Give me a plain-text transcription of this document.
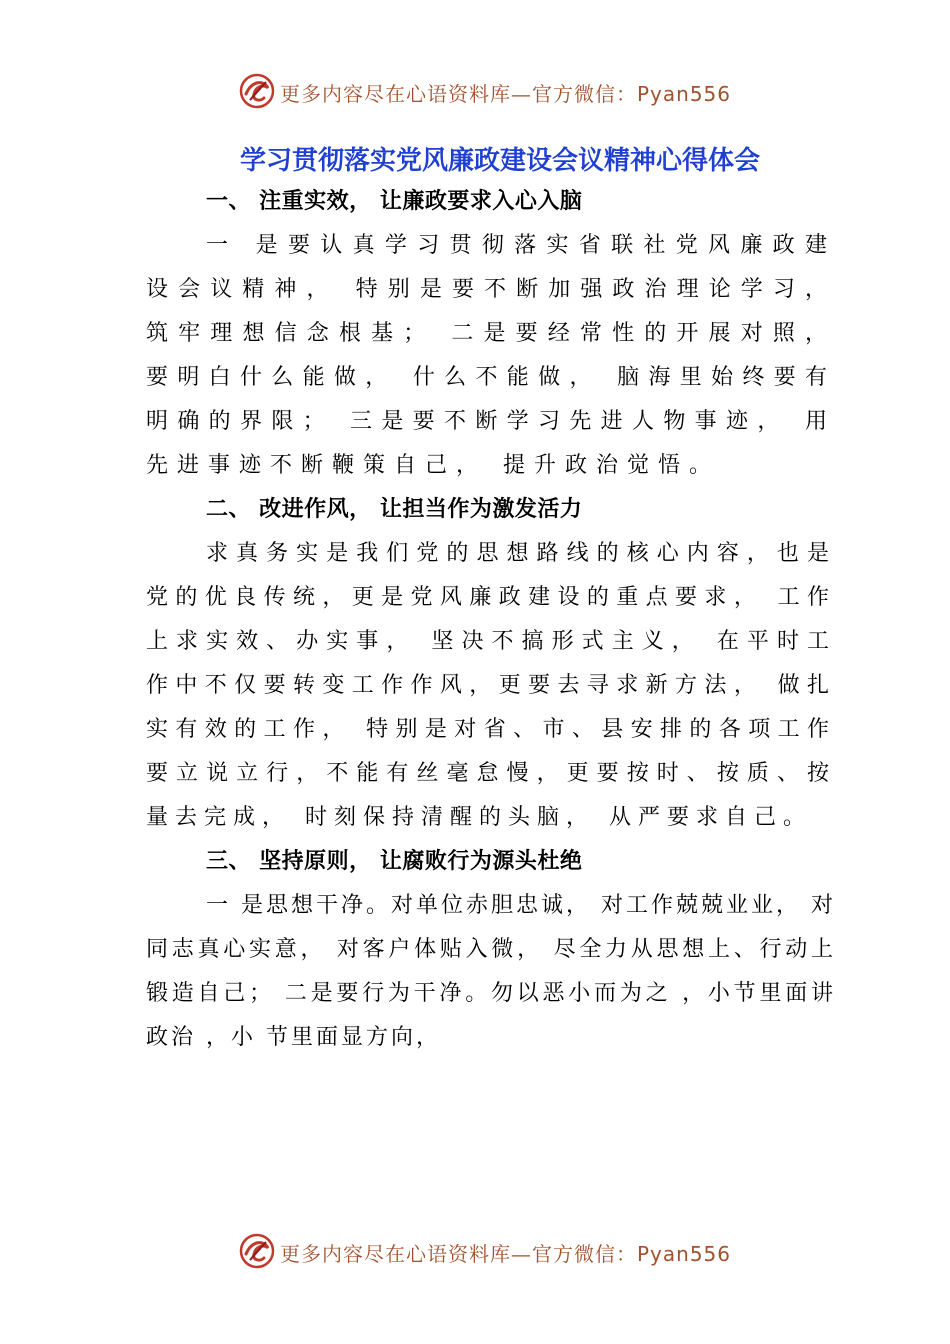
更多内容尽在心语资料库—官方微信：Pyan556
学习贯彻落实党风廉政建设会议精神心得体会
一、 注重实效， 让廉政要求入心入脑
一 是要认真学习贯彻落实省联社党风廉政建设会议精神， 特别是要不断加强政治理论学习， 筑牢理想信念根基； 二是要经常性的开展对照， 要明白什么能做， 什么不能做， 脑海里始终要有明确的界限； 三是要不断学习先进人物事迹， 用先进事迹不断鞭策自己， 提升政治觉悟。
二、 改进作风， 让担当作为激发活力
求真务实是我们党的思想路线的核心内容，也是党的优良传统，更是党风廉政建设的重点要求， 工作上求实效、办实事， 坚决不搞形式主义， 在平时工作中不仅要转变工作作风，更要去寻求新方法， 做扎实有效的工作， 特别是对省、市、县安排的各项工作要立说立行，不能有丝毫怠慢，更要按时、按质、按量去完成， 时刻保持清醒的头脑， 从严要求自己。
三、 坚持原则， 让腐败行为源头杜绝
一 是思想干净。对单位赤胆忠诚， 对工作兢兢业业， 对同志真心实意， 对客户体贴入微， 尽全力从思想上、行动上锻造自己； 二是要行为干净。勿以恶小而为之 ，小节里面讲政治 ，小 节里面显方向，
更多内容尽在心语资料库—官方微信：Pyan556
